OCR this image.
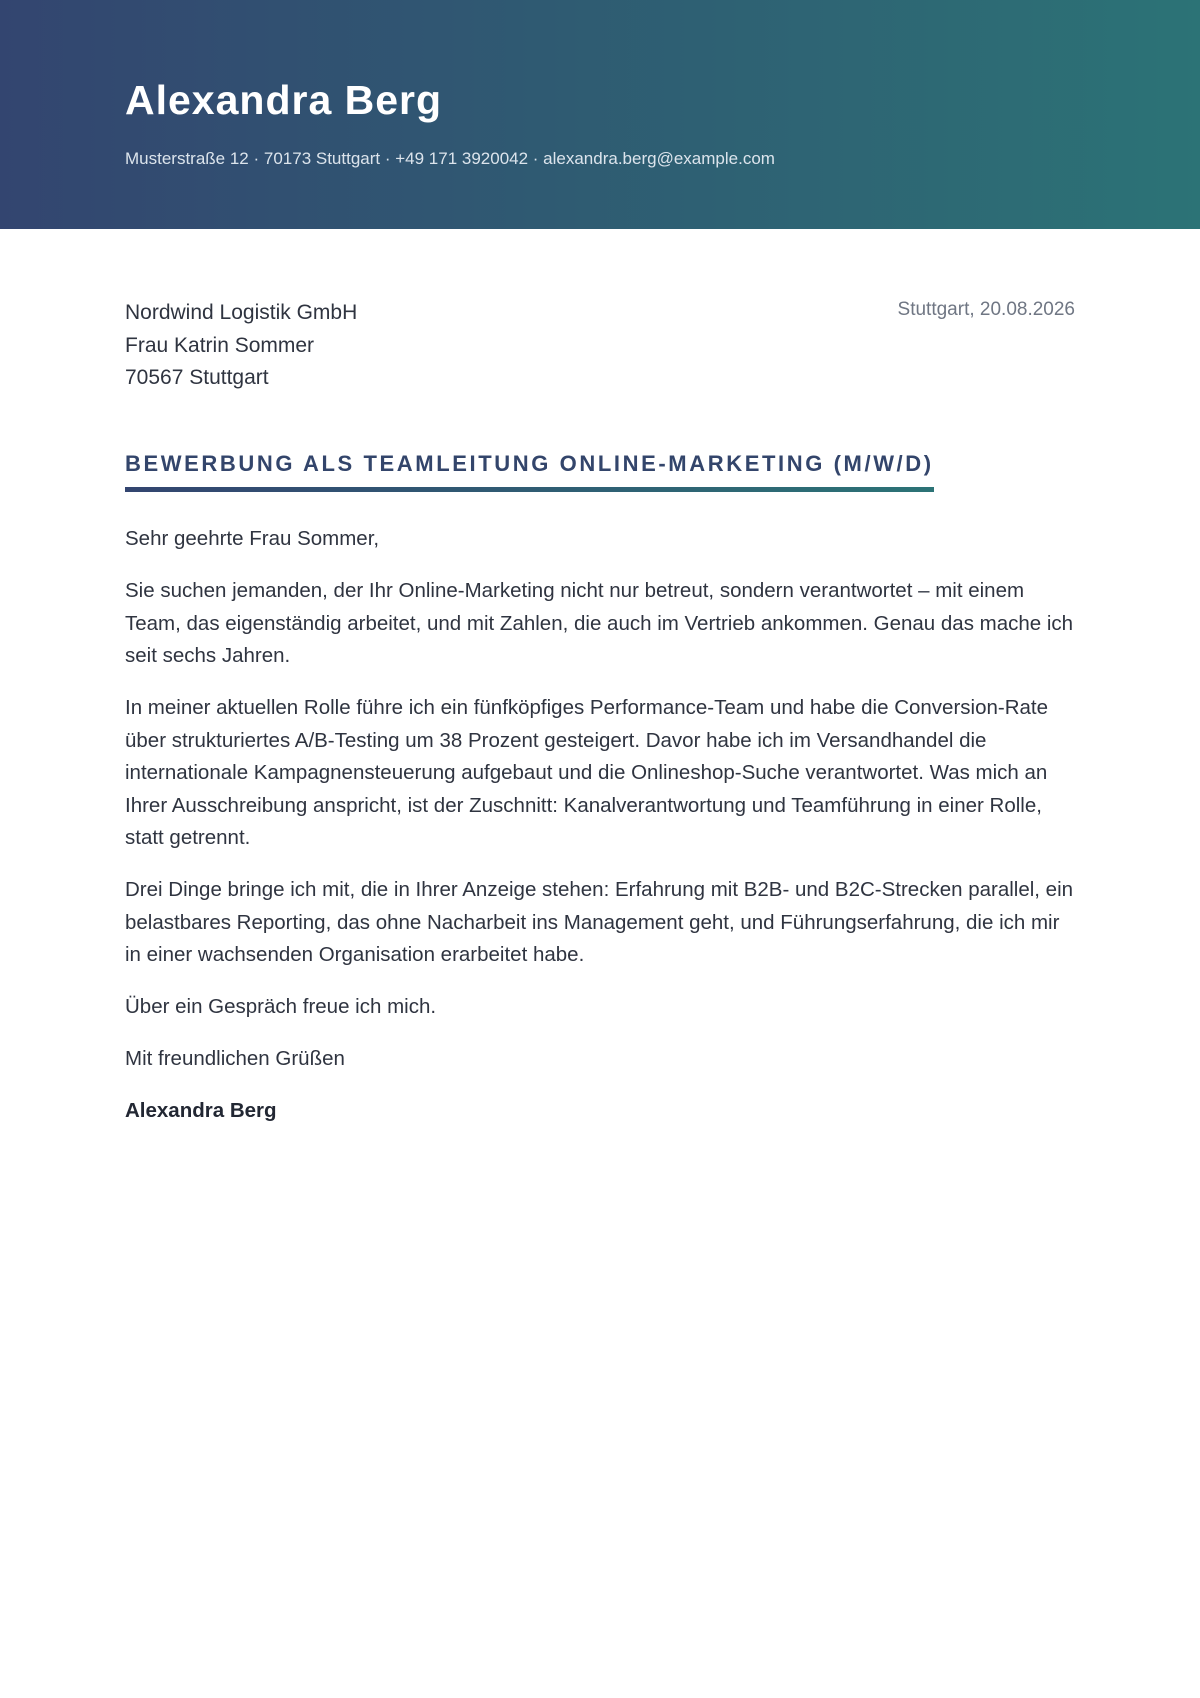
Alexandra Berg
Musterstraße 12 · 70173 Stuttgart · +49 171 3920042 · alexandra.berg@example.com
Nordwind Logistik GmbH
Frau Katrin Sommer
70567 Stuttgart
Stuttgart, 20.08.2026
BEWERBUNG ALS TEAMLEITUNG ONLINE-MARKETING (M/W/D)

Sehr geehrte Frau Sommer,

Sie suchen jemanden, der Ihr Online-Marketing nicht nur betreut, sondern verantwortet – mit einem Team, das eigenständig arbeitet, und mit Zahlen, die auch im Vertrieb ankommen. Genau das mache ich seit sechs Jahren.

In meiner aktuellen Rolle führe ich ein fünfköpfiges Performance-Team und habe die Conversion-Rate über strukturiertes A/B-Testing um 38 Prozent gesteigert. Davor habe ich im Versandhandel die internationale Kampagnensteuerung aufgebaut und die Onlineshop-Suche verantwortet. Was mich an Ihrer Ausschreibung anspricht, ist der Zuschnitt: Kanalverantwortung und Teamführung in einer Rolle, statt getrennt.

Drei Dinge bringe ich mit, die in Ihrer Anzeige stehen: Erfahrung mit B2B- und B2C-Strecken parallel, ein belastbares Reporting, das ohne Nacharbeit ins Management geht, und Führungserfahrung, die ich mir in einer wachsenden Organisation erarbeitet habe.

Über ein Gespräch freue ich mich.

Mit freundlichen Grüßen

Alexandra Berg
